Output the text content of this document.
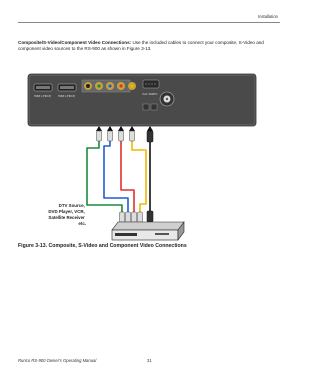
Installation
Composite/S-Video/Component Video Connections: Use the included cables to connect your composite, S-Video and component video sources to the RS-900 as shown in Figure 3-13.
HDMI 1 (HDCP)	HDMI 2 (HDCP)
VGA / RGBHV
DTV Source, DVD Player, VCR, Satellite Receiver etc.
Figure 3-13. Composite, S-Video and Component Video Connections
Runco RS-900 Owner's Operating Manual	31
